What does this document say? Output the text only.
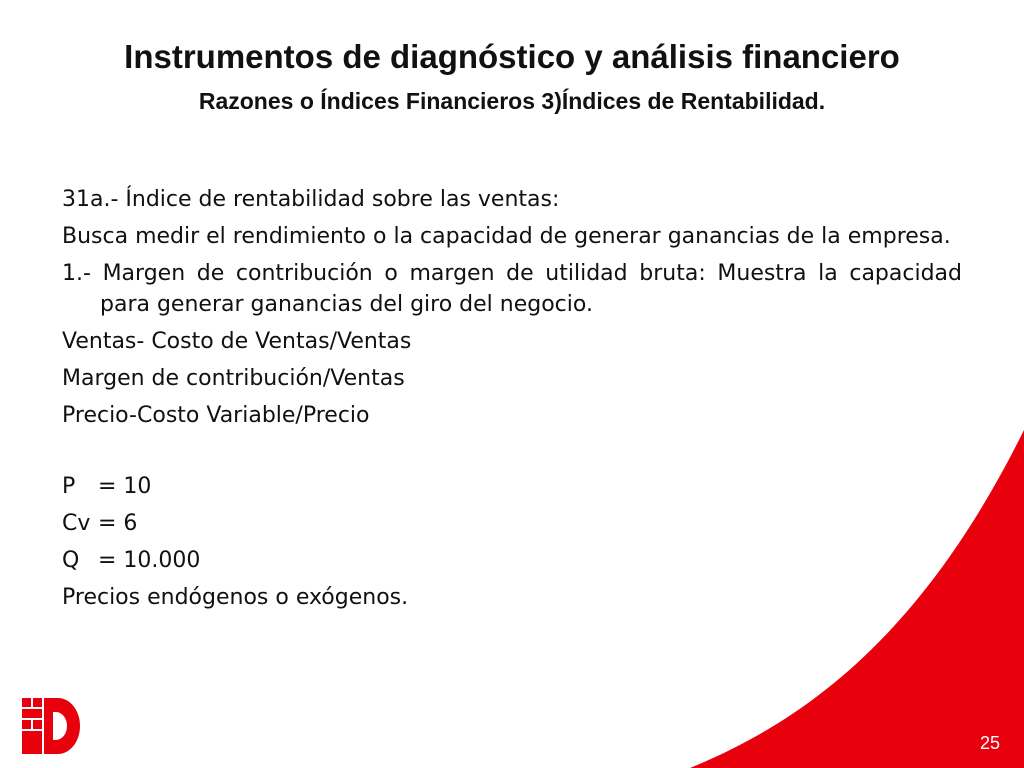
Instrumentos de diagnóstico y análisis financiero
Razones o Índices Financieros 3)Índices de Rentabilidad.

31a.- Índice de rentabilidad sobre las ventas:

Busca medir el rendimiento o la capacidad de generar ganancias de la empresa.

1.- Margen de contribución o margen de utilidad bruta: Muestra la capacidad para generar ganancias del giro del negocio.

Ventas- Costo de Ventas/Ventas

Margen de contribución/Ventas

Precio-Costo Variable/Precio

P	= 10
Cv = 6
Q = 10.000

Precios endógenos o exógenos.

25
